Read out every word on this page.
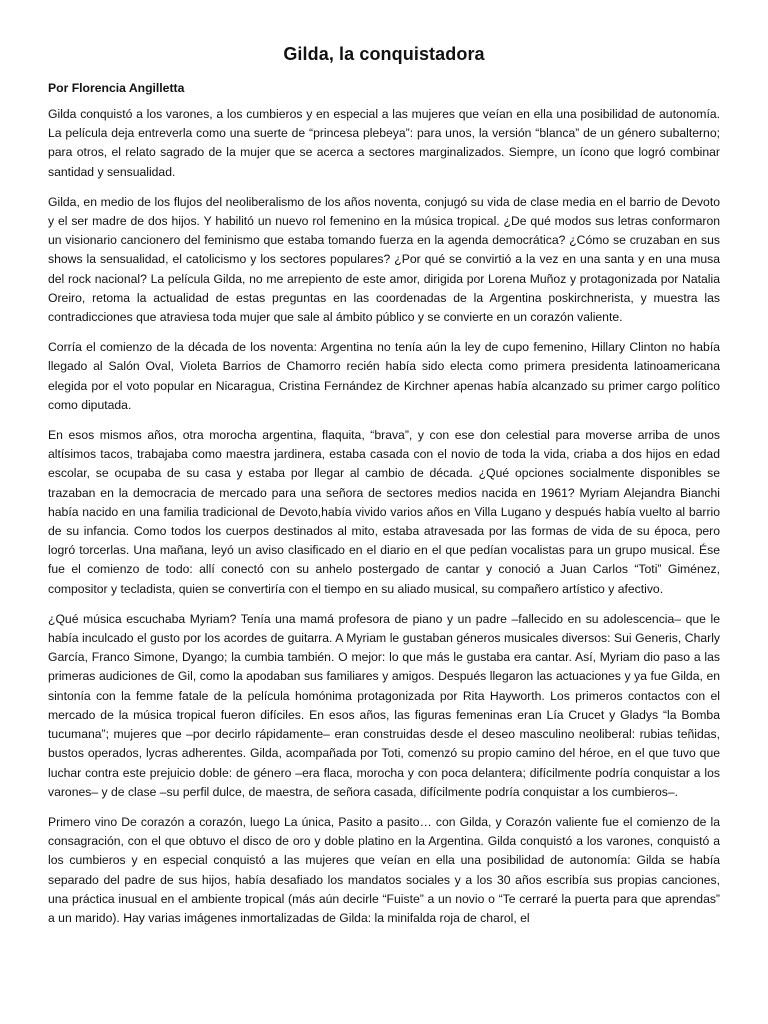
Gilda, la conquistadora

Por Florencia Angilletta

Gilda conquistó a los varones, a los cumbieros y en especial a las mujeres que veían en ella una posibilidad de autonomía. La película deja entreverla como una suerte de “princesa plebeya”: para unos, la versión “blanca” de un género subalterno; para otros, el relato sagrado de la mujer que se acerca a sectores marginalizados. Siempre, un ícono que logró combinar santidad y sensualidad.

Gilda, en medio de los flujos del neoliberalismo de los años noventa, conjugó su vida de clase media en el barrio de Devoto y el ser madre de dos hijos. Y habilitó un nuevo rol femenino en la música tropical. ¿De qué modos sus letras conformaron un visionario cancionero del feminismo que estaba tomando fuerza en la agenda democrática? ¿Cómo se cruzaban en sus shows la sensualidad, el catolicismo y los sectores populares? ¿Por qué se convirtió a la vez en una santa y en una musa del rock nacional? La película Gilda, no me arrepiento de este amor, dirigida por Lorena Muñoz y protagonizada por Natalia Oreiro, retoma la actualidad de estas preguntas en las coordenadas de la Argentina poskirchnerista, y muestra las contradicciones que atraviesa toda mujer que sale al ámbito público y se convierte en un corazón valiente.

Corría el comienzo de la década de los noventa: Argentina no tenía aún la ley de cupo femenino, Hillary Clinton no había llegado al Salón Oval, Violeta Barrios de Chamorro recién había sido electa como primera presidenta latinoamericana elegida por el voto popular en Nicaragua, Cristina Fernández de Kirchner apenas había alcanzado su primer cargo político como diputada.

En esos mismos años, otra morocha argentina, flaquita, “brava”, y con ese don celestial para moverse arriba de unos altísimos tacos, trabajaba como maestra jardinera, estaba casada con el novio de toda la vida, criaba a dos hijos en edad escolar, se ocupaba de su casa y estaba por llegar al cambio de década. ¿Qué opciones socialmente disponibles se trazaban en la democracia de mercado para una señora de sectores medios nacida en 1961? Myriam Alejandra Bianchi había nacido en una familia tradicional de Devoto,había vivido varios años en Villa Lugano y después había vuelto al barrio de su infancia. Como todos los cuerpos destinados al mito, estaba atravesada por las formas de vida de su época, pero logró torcerlas. Una mañana, leyó un aviso clasificado en el diario en el que pedían vocalistas para un grupo musical. Ése fue el comienzo de todo: allí conectó con su anhelo postergado de cantar y conoció a Juan Carlos “Toti” Giménez, compositor y tecladista, quien se convertiría con el tiempo en su aliado musical, su compañero artístico y afectivo.

¿Qué música escuchaba Myriam? Tenía una mamá profesora de piano y un padre –fallecido en su adolescencia– que le había inculcado el gusto por los acordes de guitarra. A Myriam le gustaban géneros musicales diversos: Sui Generis, Charly García, Franco Simone, Dyango; la cumbia también. O mejor: lo que más le gustaba era cantar. Así, Myriam dio paso a las primeras audiciones de Gil, como la apodaban sus familiares y amigos. Después llegaron las actuaciones y ya fue Gilda, en sintonía con la femme fatale de la película homónima protagonizada por Rita Hayworth. Los primeros contactos con el mercado de la música tropical fueron difíciles. En esos años, las figuras femeninas eran Lía Crucet y Gladys “la Bomba tucumana”; mujeres que –por decirlo rápidamente– eran construidas desde el deseo masculino neoliberal: rubias teñidas, bustos operados, lycras adherentes. Gilda, acompañada por Toti, comenzó su propio camino del héroe, en el que tuvo que luchar contra este prejuicio doble: de género –era flaca, morocha y con poca delantera; difícilmente podría conquistar a los varones– y de clase –su perfil dulce, de maestra, de señora casada, difícilmente podría conquistar a los cumbieros–.

Primero vino De corazón a corazón, luego La única, Pasito a pasito… con Gilda, y Corazón valiente fue el comienzo de la consagración, con el que obtuvo el disco de oro y doble platino en la Argentina. Gilda conquistó a los varones, conquistó a los cumbieros y en especial conquistó a las mujeres que veían en ella una posibilidad de autonomía: Gilda se había separado del padre de sus hijos, había desafiado los mandatos sociales y a los 30 años escribía sus propias canciones, una práctica inusual en el ambiente tropical (más aún decirle “Fuiste” a un novio o “Te cerraré la puerta para que aprendas” a un marido). Hay varias imágenes inmortalizadas de Gilda: la minifalda roja de charol, el
